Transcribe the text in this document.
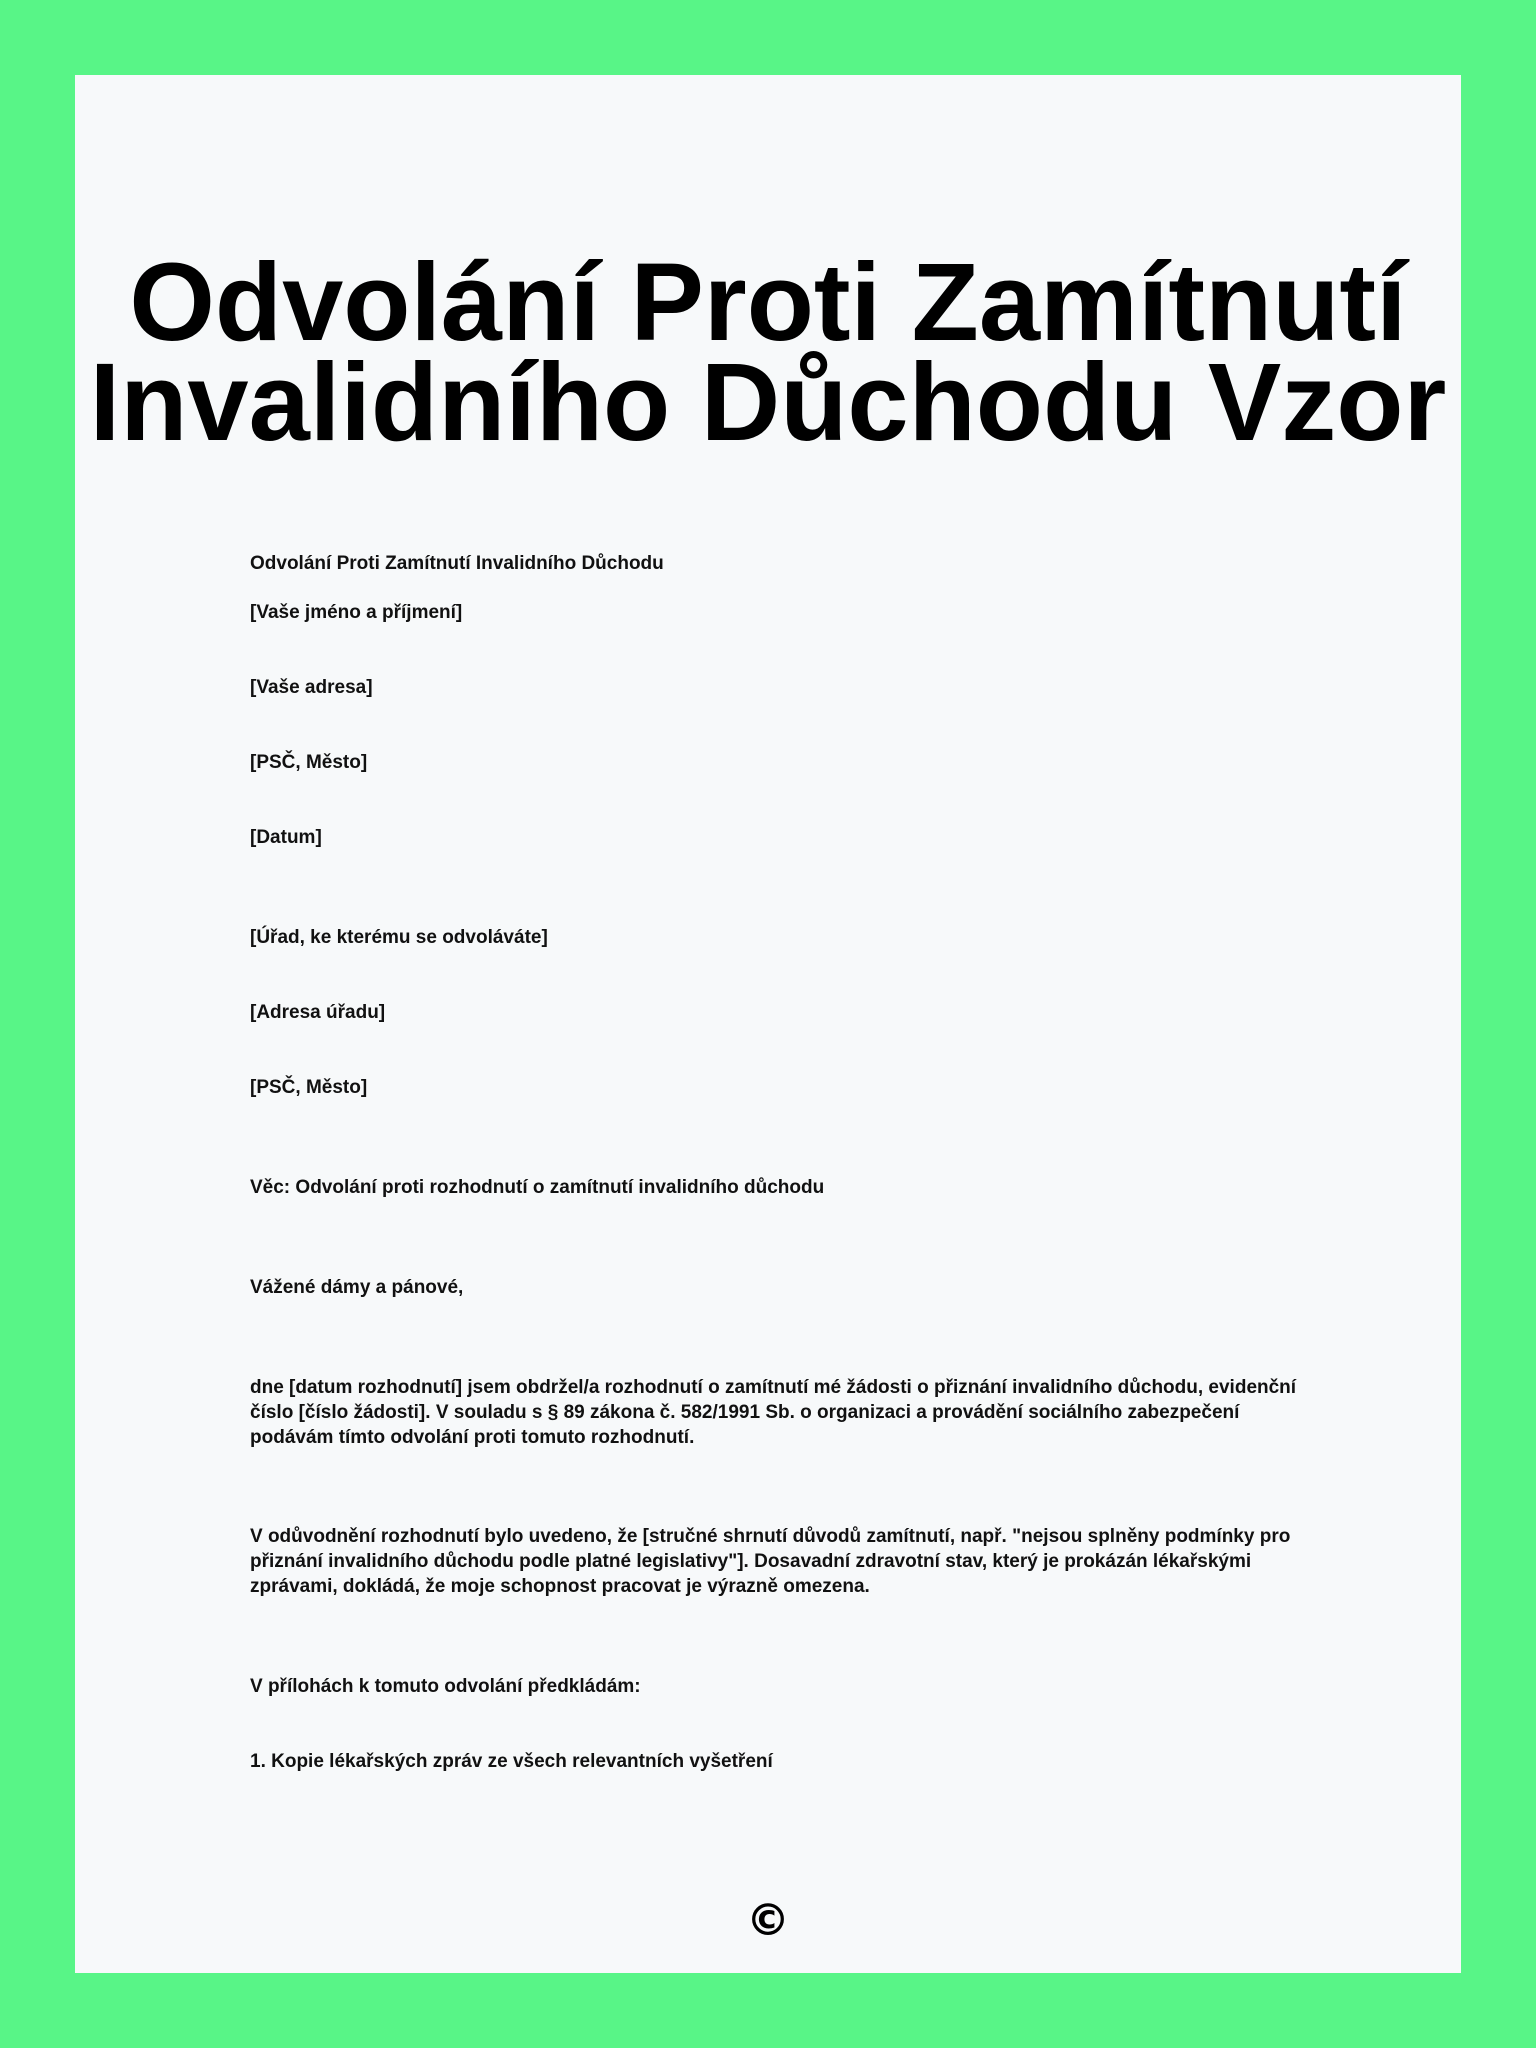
Odvolání Proti Zamítnutí
Invalidního Důchodu Vzor

Odvolání Proti Zamítnutí Invalidního Důchodu

[Vaše jméno a příjmení]

[Vaše adresa]

[PSČ, Město]

[Datum]

[Úřad, ke kterému se odvoláváte]

[Adresa úřadu]

[PSČ, Město]

Věc: Odvolání proti rozhodnutí o zamítnutí invalidního důchodu

Vážené dámy a pánové,

dne [datum rozhodnutí] jsem obdržel/a rozhodnutí o zamítnutí mé žádosti o přiznání invalidního důchodu, evidenční číslo [číslo žádosti]. V souladu s § 89 zákona č. 582/1991 Sb. o organizaci a provádění sociálního zabezpečení podávám tímto odvolání proti tomuto rozhodnutí.

V odůvodnění rozhodnutí bylo uvedeno, že [stručné shrnutí důvodů zamítnutí, např. "nejsou splněny podmínky pro přiznání invalidního důchodu podle platné legislativy"]. Dosavadní zdravotní stav, který je prokázán lékařskými zprávami, dokládá, že moje schopnost pracovat je výrazně omezena.

V přílohách k tomuto odvolání předkládám:

1. Kopie lékařských zpráv ze všech relevantních vyšetření

©
